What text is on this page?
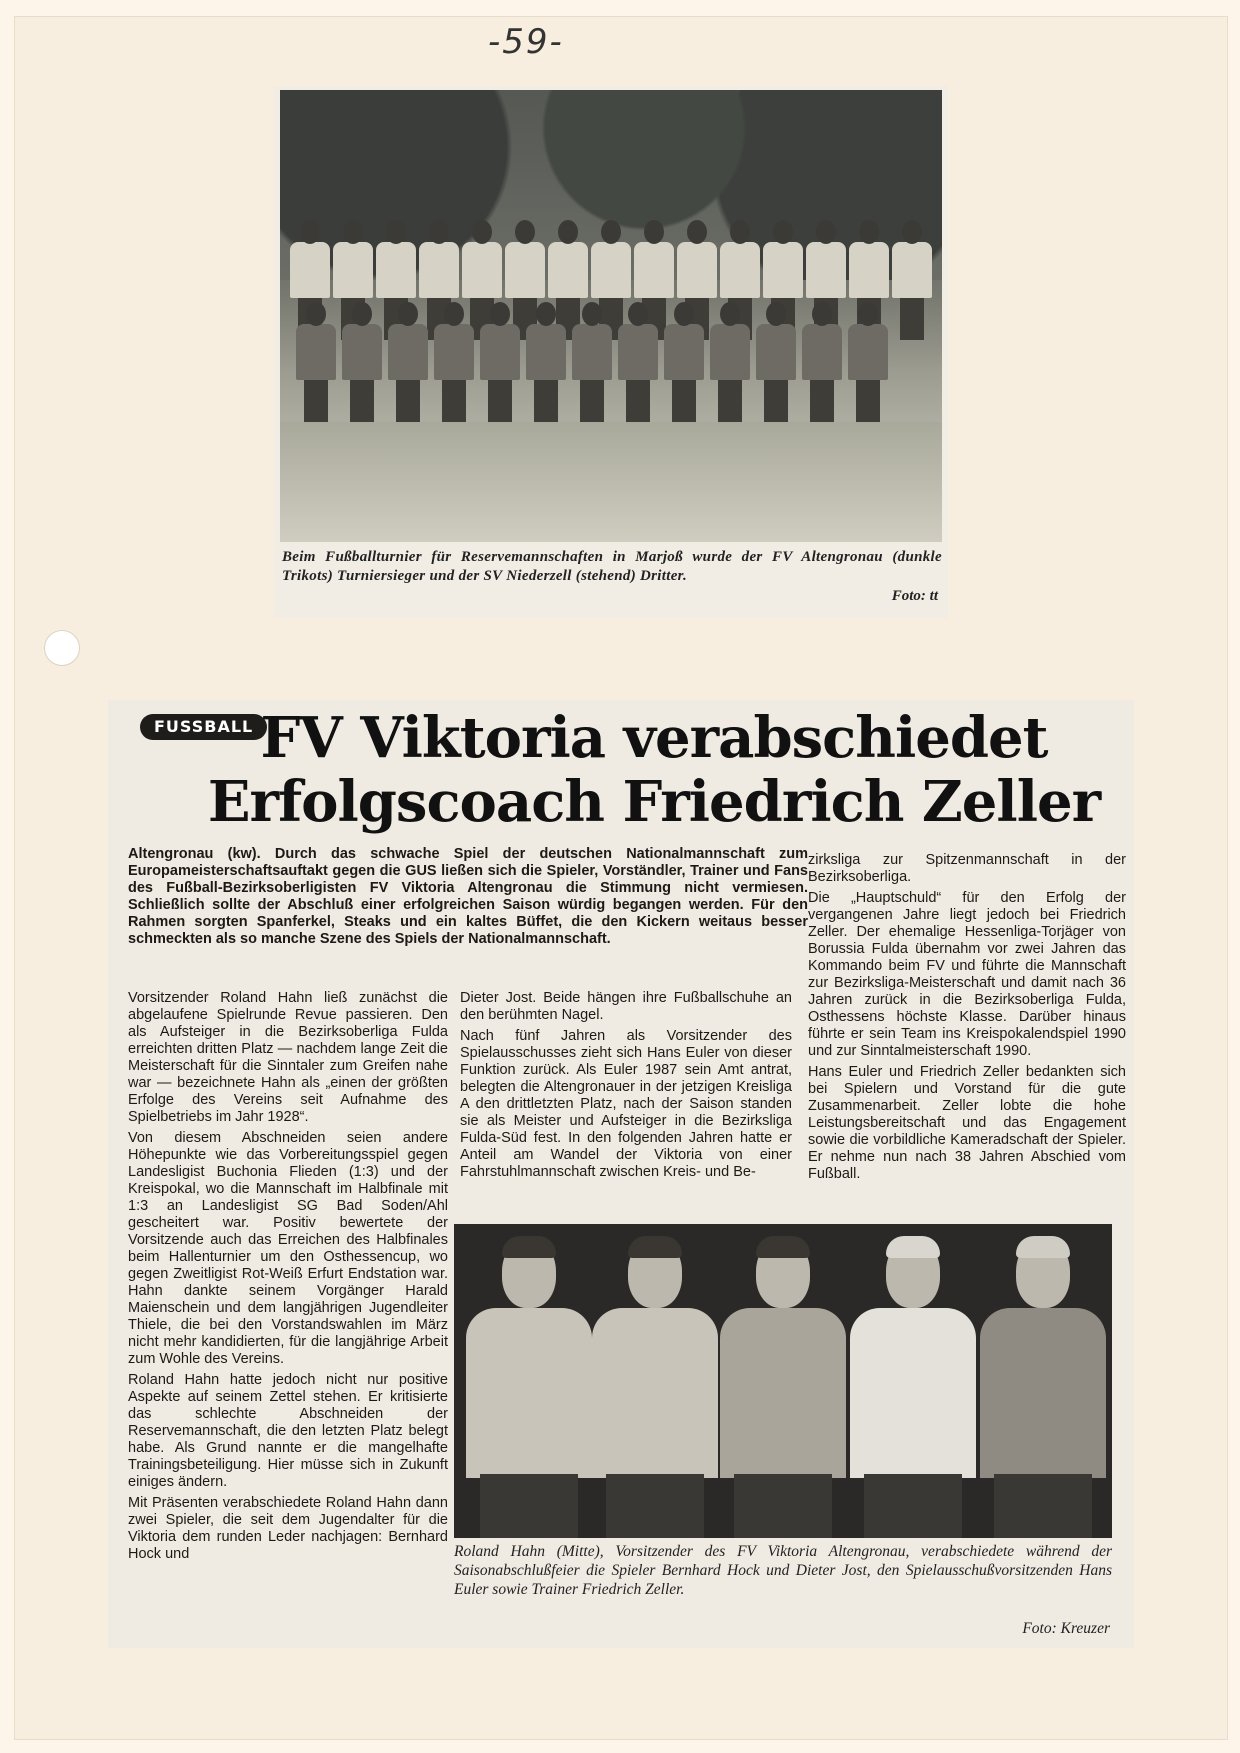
-59-
Beim Fußballturnier für Reservemannschaften in Marjoß wurde der FV Altengronau (dunkle Trikots) Turniersieger und der SV Niederzell (stehend) Dritter.
Foto: tt
FUSSBALL FV Viktoria verabschiedet
Erfolgscoach Friedrich Zeller
Altengronau (kw). Durch das schwache Spiel der deutschen Nationalmannschaft zum Europameisterschaftsauftakt gegen die GUS ließen sich die Spieler, Vorständler, Trainer und Fans des Fußball-Bezirksoberligisten FV Viktoria Altengronau die Stimmung nicht vermiesen. Schließlich sollte der Abschluß einer erfolgreichen Saison würdig begangen werden. Für den Rahmen sorgten Spanferkel, Steaks und ein kaltes Büffet, die den Kickern weitaus besser schmeckten als so manche Szene des Spiels der Nationalmannschaft.

Vorsitzender Roland Hahn ließ zunächst die abgelaufene Spielrunde Revue passieren. Den als Aufsteiger in die Bezirksoberliga Fulda erreichten dritten Platz — nachdem lange Zeit die Meisterschaft für die Sinntaler zum Greifen nahe war — bezeichnete Hahn als „einen der größten Erfolge des Vereins seit Aufnahme des Spielbetriebs im Jahr 1928“.

Von diesem Abschneiden seien andere Höhepunkte wie das Vorbereitungsspiel gegen Landesligist Buchonia Flieden (1:3) und der Kreispokal, wo die Mannschaft im Halbfinale mit 1:3 an Landesligist SG Bad Soden/Ahl gescheitert war. Positiv bewertete der Vorsitzende auch das Erreichen des Halbfinales beim Hallenturnier um den Osthessencup, wo gegen Zweitligist Rot-Weiß Erfurt Endstation war. Hahn dankte seinem Vorgänger Harald Maienschein und dem langjährigen Jugendleiter Thiele, die bei den Vorstandswahlen im März nicht mehr kandidierten, für die langjährige Arbeit zum Wohle des Vereins.

Roland Hahn hatte jedoch nicht nur positive Aspekte auf seinem Zettel stehen. Er kritisierte das schlechte Abschneiden der Reservemannschaft, die den letzten Platz belegt habe. Als Grund nannte er die mangelhafte Trainingsbeteiligung. Hier müsse sich in Zukunft einiges ändern.

Mit Präsenten verabschiedete Roland Hahn dann zwei Spieler, die seit dem Jugendalter für die Viktoria dem runden Leder nachjagen: Bernhard Hock und

Dieter Jost. Beide hängen ihre Fußballschuhe an den berühmten Nagel.

Nach fünf Jahren als Vorsitzender des Spielausschusses zieht sich Hans Euler von dieser Funktion zurück. Als Euler 1987 sein Amt antrat, belegten die Altengronauer in der jetzigen Kreisliga A den drittletzten Platz, nach der Saison standen sie als Meister und Aufsteiger in die Bezirksliga Fulda-Süd fest. In den folgenden Jahren hatte er Anteil am Wandel der Viktoria von einer Fahrstuhlmannschaft zwischen Kreis- und Be-

zirksliga zur Spitzenmannschaft in der Bezirksoberliga.

Die „Hauptschuld“ für den Erfolg der vergangenen Jahre liegt jedoch bei Friedrich Zeller. Der ehemalige Hessenliga-Torjäger von Borussia Fulda übernahm vor zwei Jahren das Kommando beim FV und führte die Mannschaft zur Bezirksliga-Meisterschaft und damit nach 36 Jahren zurück in die Bezirksoberliga Fulda, Osthessens höchste Klasse. Darüber hinaus führte er sein Team ins Kreispokalendspiel 1990 und zur Sinntalmeisterschaft 1990.

Hans Euler und Friedrich Zeller bedankten sich bei Spielern und Vorstand für die gute Zusammenarbeit. Zeller lobte die hohe Leistungsbereitschaft und das Engagement sowie die vorbildliche Kameradschaft der Spieler. Er nehme nun nach 38 Jahren Abschied vom Fußball.

Roland Hahn (Mitte), Vorsitzender des FV Viktoria Altengronau, verabschiedete während der Saisonabschlußfeier die Spieler Bernhard Hock und Dieter Jost, den Spielausschußvorsitzenden Hans Euler sowie Trainer Friedrich Zeller.
Foto: Kreuzer
